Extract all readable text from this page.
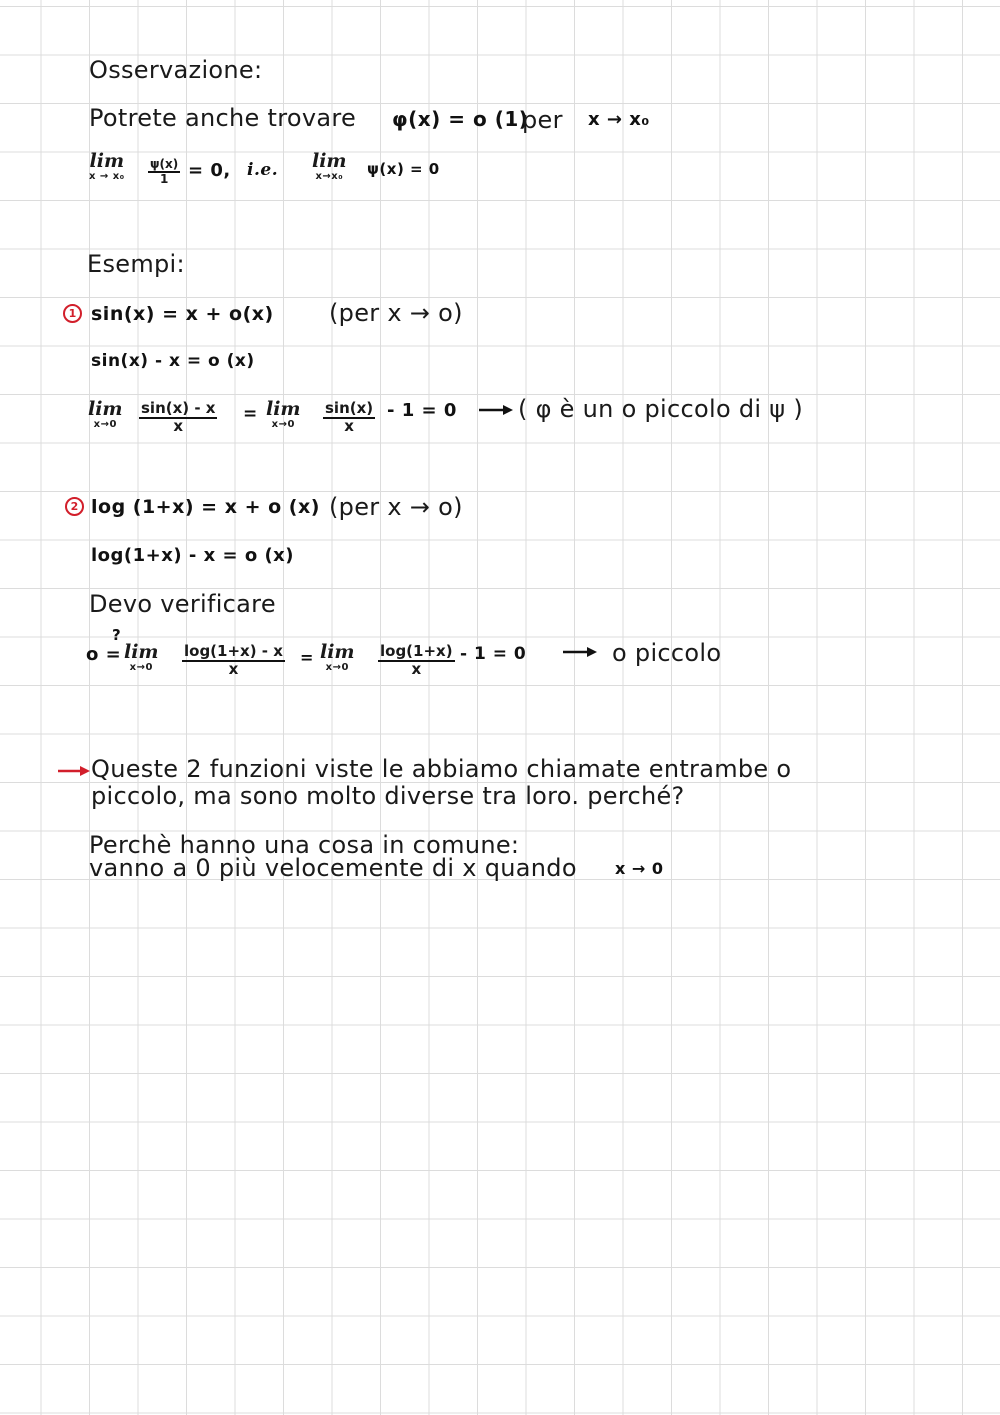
Osservazione:
Potrete anche trovare φ(x) = o (1)
per x → x₀
lim
$x \to x_0 \frac{\psi(x)}{1} = 0$, i.e. lim
x→x₀ ψ(x) = 0
Esempi:
1 sin(x) = x + o(x) (per x → o)
sin(x) - x = o (x)
lim
x→0	$\frac{\sin(x) - x}{x} = \lim$
x→0	$\frac{\sin(x)}{x} - 1 = 0$	( φ è un o piccolo di ψ )
2 log (1+x) = x + o (x) (per x → o)
log(1+x) - x = o (x)
Devo verificare
?
o = lim
x→0	$\frac{\log(1+x) - x}{x} = \lim$
x→0	$\frac{\log(1+x)}{x} - 1 = 0$	o piccolo
Queste 2 funzioni viste le abbiamo chiamate entrambe o
piccolo, ma sono molto diverse tra loro. perché?
Perchè hanno una cosa in comune:
vanno a 0 più velocemente di x quando x → 0
